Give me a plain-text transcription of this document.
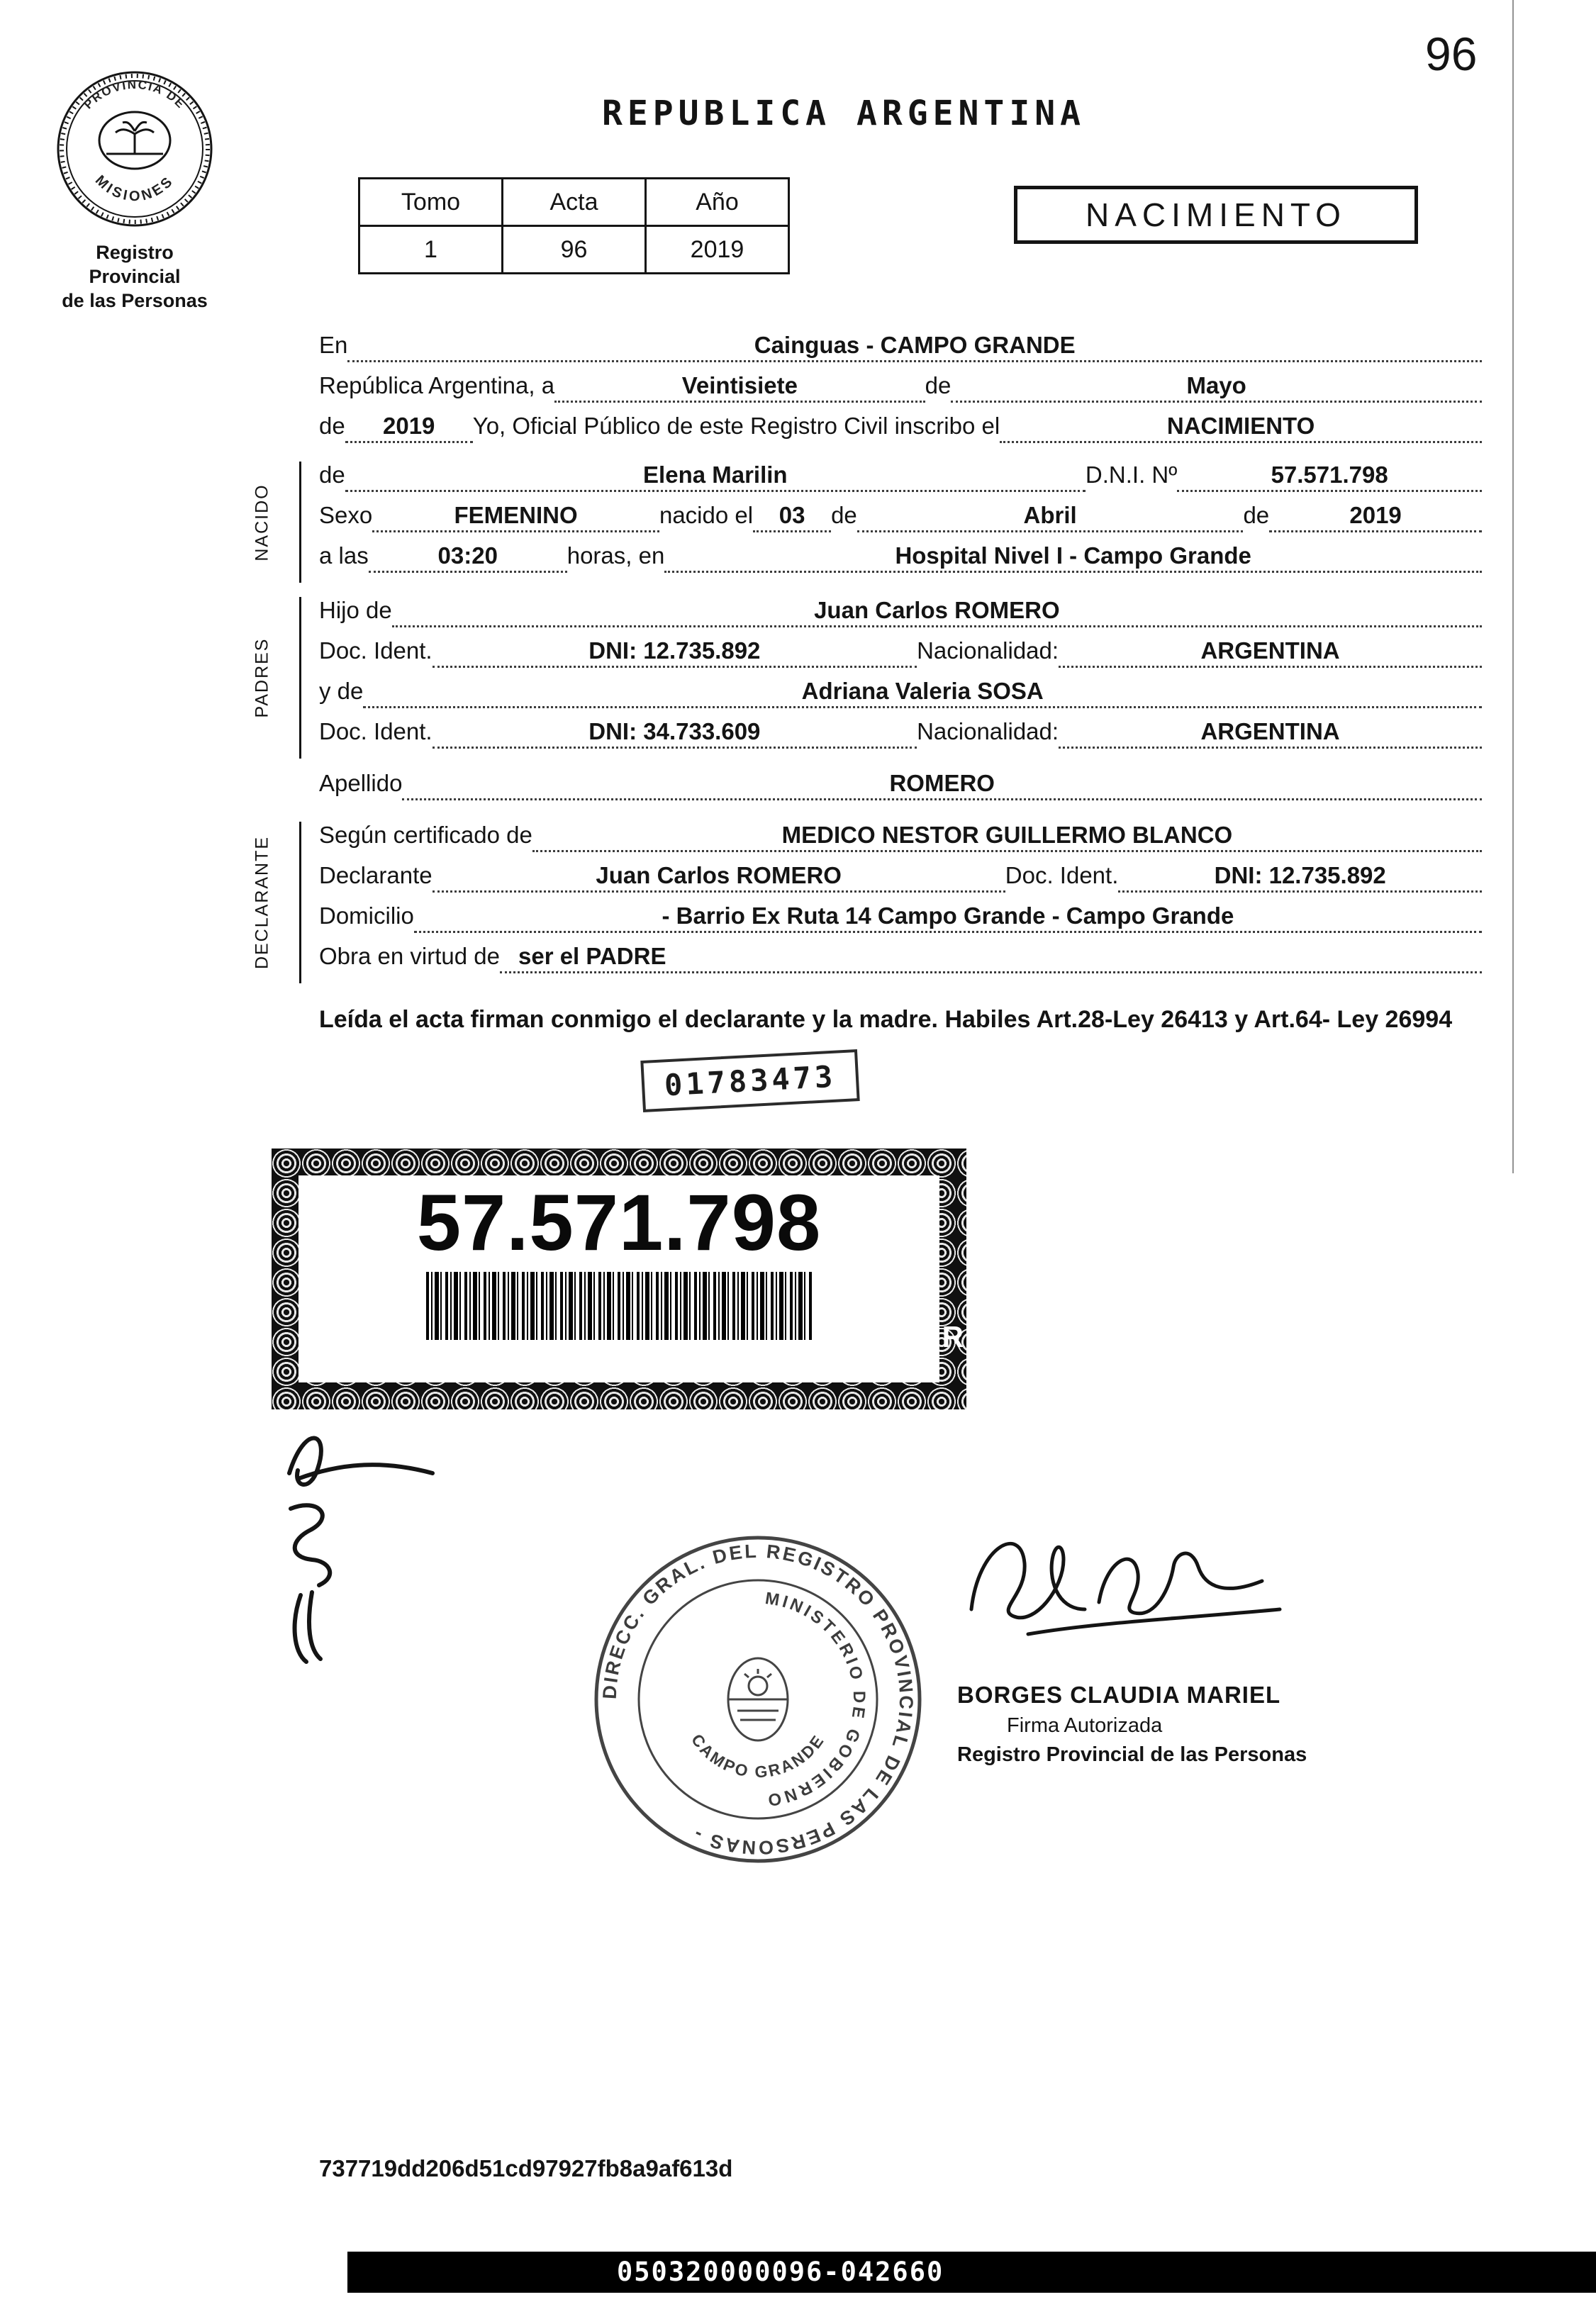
96
PROVINCIA DE
MISIONES
Registro Provincial
de las Personas
REPUBLICA ARGENTINA
Tomo	Acta	Año
1	96	2019
NACIMIENTO
En	Cainguas - CAMPO GRANDE
República Argentina, a	Veintisiete	de	Mayo
de	2019	Yo, Oficial Público de este Registro Civil inscribo el	NACIMIENTO
NACIDO
de	Elena Marilin	D.N.I. Nº	57.571.798
Sexo	FEMENINO	nacido el	03	de	Abril	de	2019
a las	03:20	horas, en	Hospital Nivel I - Campo Grande
PADRES
Hijo de	Juan Carlos ROMERO
Doc. Ident.	DNI: 12.735.892	Nacionalidad:	ARGENTINA
y de	Adriana Valeria SOSA
Doc. Ident.	DNI: 34.733.609	Nacionalidad:	ARGENTINA
Apellido	ROMERO
DECLARANTE
Según certificado de	MEDICO NESTOR GUILLERMO BLANCO
Declarante	Juan Carlos ROMERO	Doc. Ident.	DNI: 12.735.892
Domicilio	- Barrio Ex Ruta 14 Campo Grande - Campo Grande
Obra en virtud de ser el PADRE
Leída el acta firman conmigo el declarante y la madre. Habiles Art.28-Ley 26413 y Art.64- Ley 26994
01783473
57.571.798
R
DIRECC. GRAL. DEL REGISTRO PROVINCIAL DE LAS PERSONAS -
MINISTERIO DE GOBIERNO
CAMPO GRANDE
BORGES CLAUDIA MARIEL
Firma Autorizada
Registro Provincial de las Personas
737719dd206d51cd97927fb8a9af613d
050320000096-042660
